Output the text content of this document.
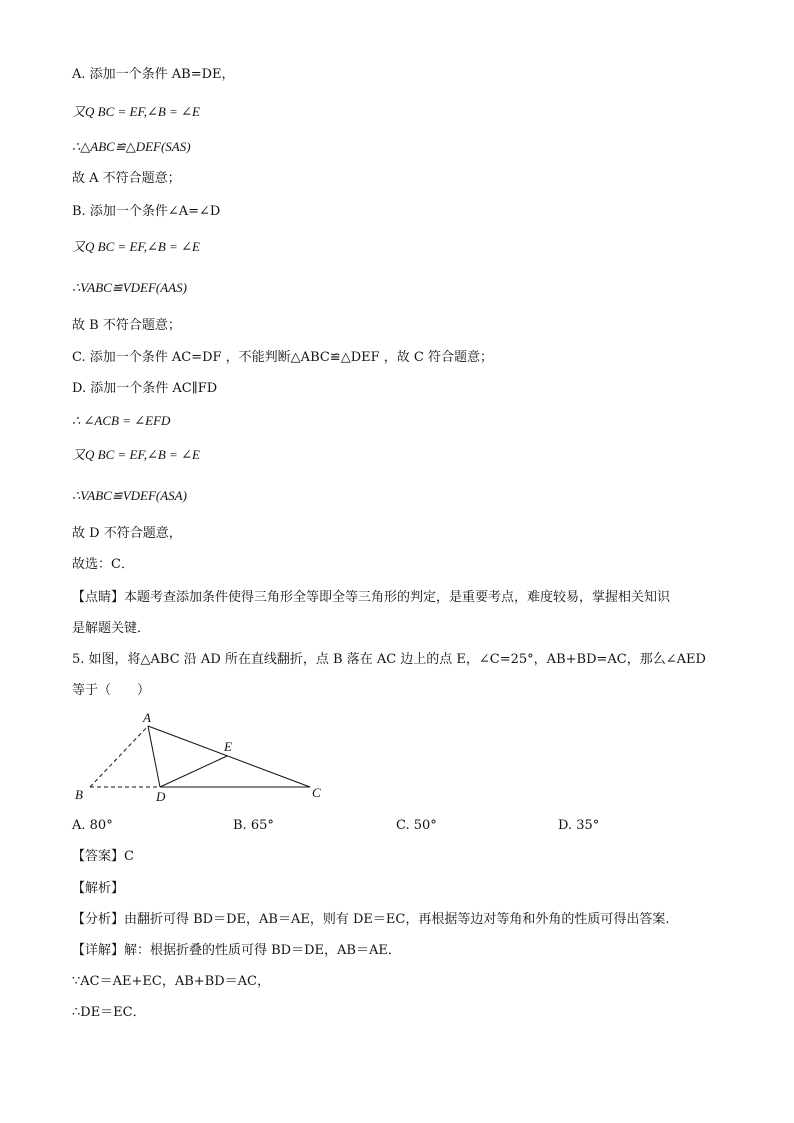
A. 添加一个条件 AB=DE，
又Q BC = EF,∠B = ∠E
∴△ABC≌△DEF(SAS)
故 A 不符合题意；
B. 添加一个条件∠A=∠D
又Q BC = EF,∠B = ∠E
∴VABC≌VDEF(AAS)
故 B 不符合题意；
C. 添加一个条件 AC=DF ，不能判断△ABC≌△DEF ，故 C 符合题意；
D. 添加一个条件 AC∥FD
∴ ∠ACB = ∠EFD
又Q BC = EF,∠B = ∠E
∴VABC≌VDEF(ASA)
故 D 不符合题意，
故选：C．
【点睛】本题考查添加条件使得三角形全等即全等三角形的判定，是重要考点，难度较易，掌握相关知识
是解题关键．
5. 如图，将△ABC 沿 AD 所在直线翻折，点 B 落在 AC 边上的点 E，∠C=25°，AB+BD=AC，那么∠AED
等于（　　）
A
B	D
E
C
A. 80°	B. 65°	C. 50°	D. 35°
【答案】C
【解析】
【分析】由翻折可得 BD＝DE，AB＝AE，则有 DE＝EC，再根据等边对等角和外角的性质可得出答案.
【详解】解：根据折叠的性质可得 BD＝DE，AB＝AE．
∵AC＝AE+EC，AB+BD＝AC，
∴DE＝EC．
